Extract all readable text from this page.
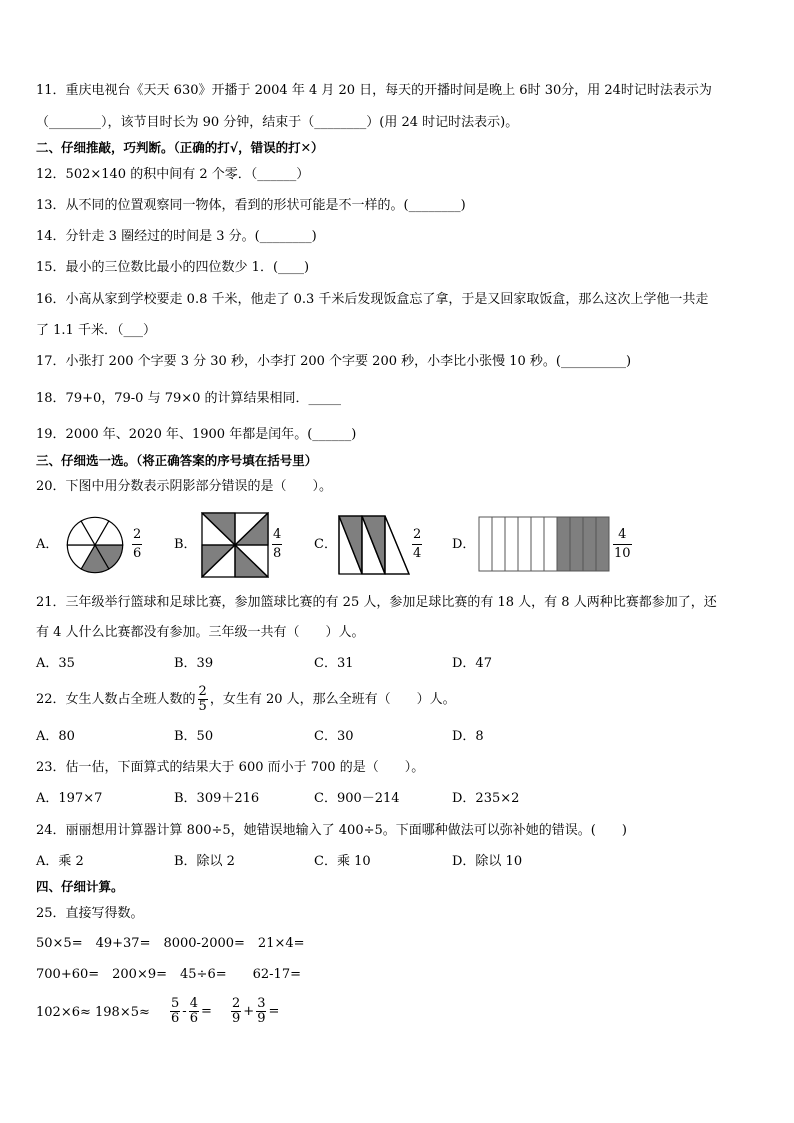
11．重庆电视台《天天 630》开播于 2004 年 4 月 20 日，每天的开播时间是晚上 6时 30分，用 24时记时法表示为
（________），该节目时长为 90 分钟，结束于（________）(用 24 时记时法表示)。
二、仔细推敲，巧判断。（正确的打√，错误的打✕）
12．502×140 的积中间有 2 个零．（______）
13．从不同的位置观察同一物体，看到的形状可能是不一样的。(________)
14．分针走 3 圈经过的时间是 3 分。(________)
15．最小的三位数比最小的四位数少 1．(____)
16．小高从家到学校要走 0.8 千米，他走了 0.3 千米后发现饭盒忘了拿，于是又回家取饭盒，那么这次上学他一共走
了 1.1 千米．（___）
17．小张打 200 个字要 3 分 30 秒，小李打 200 个字要 200 秒，小李比小张慢 10 秒。(__________)
18．79+0，79-0 与 79×0 的计算结果相同．_____
19．2000 年、2020 年、1900 年都是闰年。(______)
三、仔细选一选。（将正确答案的序号填在括号里）
20．下图中用分数表示阴影部分错误的是（　　）。
A．	$\frac{2}{6}$ B．	$\frac{4}{8}$ C．	$\frac{2}{4}$ D．	$\frac{4}{10}$
21．三年级举行篮球和足球比赛，参加篮球比赛的有 25 人，参加足球比赛的有 18 人，有 8 人两种比赛都参加了，还
有 4 人什么比赛都没有参加。三年级一共有（　　）人。
A．35	B．39	C．31	D．47
22．女生人数占全班人数的 $\frac{2}{5}$ ，女生有 20 人，那么全班有（　　）人。
A．80	B．50	C．30	D．8
23．估一估，下面算式的结果大于 600 而小于 700 的是（　　）。
A．197×7	B．309＋216	C．900－214	D．235×2
24．丽丽想用计算器计算 800÷5，她错误地输入了 400÷5。下面哪种做法可以弥补她的错误。(　　)
A．乘 2	B．除以 2	C．乘 10	D．除以 10
四、仔细计算。
25．直接写得数。
50×5=　49+37=　8000-2000=　21×4=
700+60=　200×9=　45÷6=　　62-17=
$102\times 6\approx 198\times 5\approx \frac{5}{6} - \frac{4}{6} = \frac{2}{9} + \frac{3}{9}$ =
